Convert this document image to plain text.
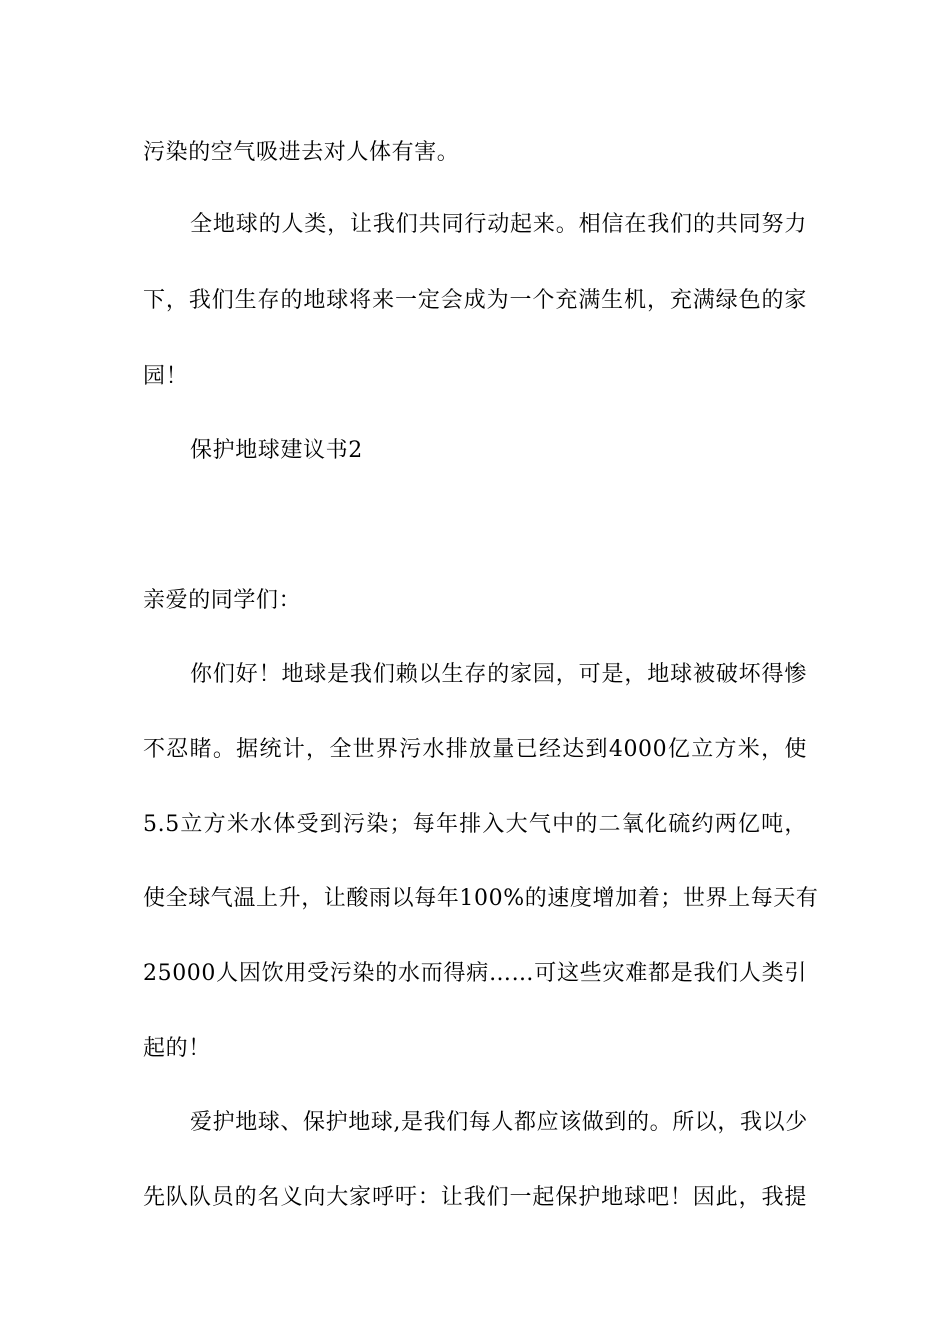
污染的空气吸进去对人体有害。
全地球的人类，让我们共同行动起来。相信在我们的共同努力
下，我们生存的地球将来一定会成为一个充满生机，充满绿色的家
园！
保护地球建议书2
亲爱的同学们：
你们好！地球是我们赖以生存的家园，可是，地球被破坏得惨
不忍睹。据统计，全世界污水排放量已经达到4000亿立方米，使
5.5立方米水体受到污染；每年排入大气中的二氧化硫约两亿吨，
使全球气温上升，让酸雨以每年100%的速度增加着；世界上每天有
25000人因饮用受污染的水而得病……可这些灾难都是我们人类引
起的！
爱护地球、保护地球,是我们每人都应该做到的。所以，我以少
先队队员的名义向大家呼吁：让我们一起保护地球吧！因此，我提
